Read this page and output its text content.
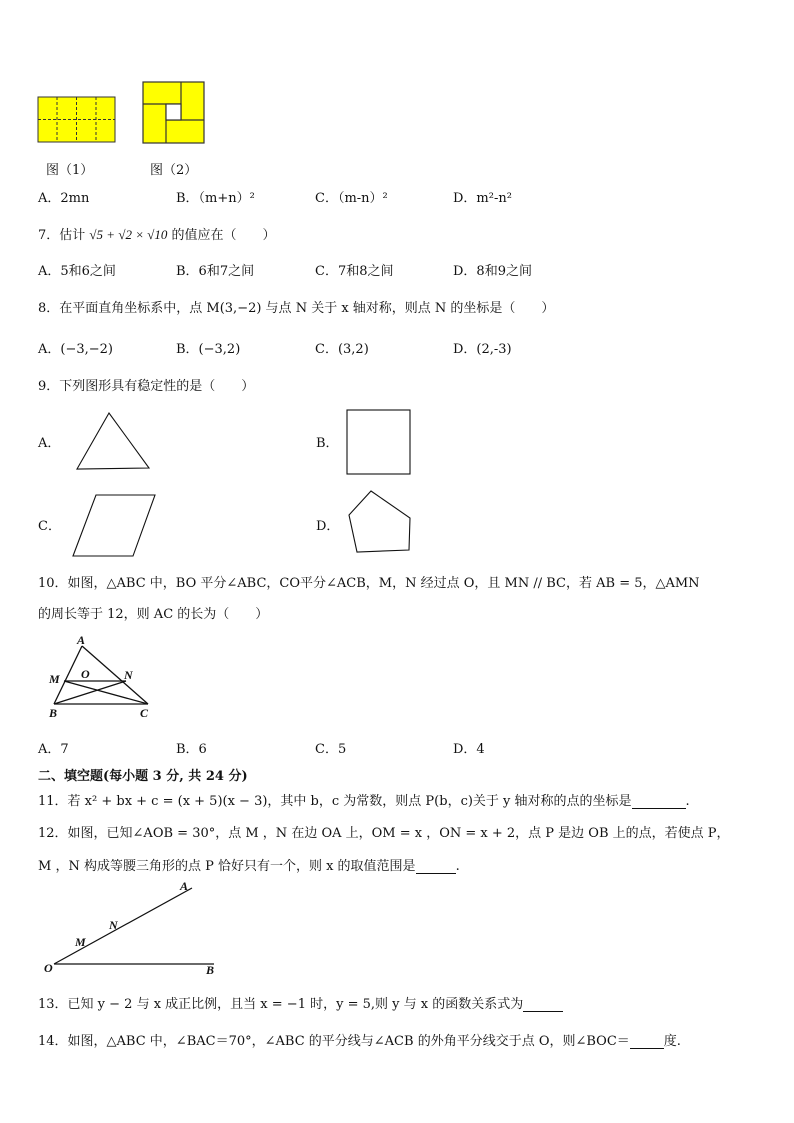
图（1）	图（2）
A．2mn	B．（m+n）²	C．（m-n）²	D．m²-n²
7．估计 √5 + √2 × √10 的值应在（　　）
A．5和6之间	B．6和7之间	C．7和8之间	D．8和9之间
8．在平面直角坐标系中，点 M(3,−2) 与点 N 关于 x 轴对称，则点 N 的坐标是（　　）
A．(−3,−2)	B．(−3,2)	C．(3,2)	D．(2,-3)
9．下列图形具有稳定性的是（　　）
A．	B．
C．	D．
10．如图，△ABC 中，BO 平分∠ABC，CO平分∠ACB，M，N 经过点 O，且 MN // BC，若 AB = 5，△AMN
的周长等于 12，则 AC 的长为（　　）
A
M O	N
B	C
A．7	B．6	C．5	D．4
二、填空题(每小题 3 分, 共 24 分)
11．若 x² + bx + c = (x + 5)(x − 3)，其中 b，c 为常数，则点 P(b，c)关于 y 轴对称的点的坐标是	.
12．如图，已知∠AOB = 30°，点 M ，N 在边 OA 上，OM = x ，ON = x + 2，点 P 是边 OB 上的点，若使点 P，
M ，N 构成等腰三角形的点 P 恰好只有一个，则 x 的取值范围是	.
A
N
M
O	B
13．已知 y − 2 与 x 成正比例，且当 x = −1 时，y = 5,则 y 与 x 的函数关系式为
14．如图，△ABC 中，∠BAC＝70°，∠ABC 的平分线与∠ACB 的外角平分线交于点 O，则∠BOC＝	度.
